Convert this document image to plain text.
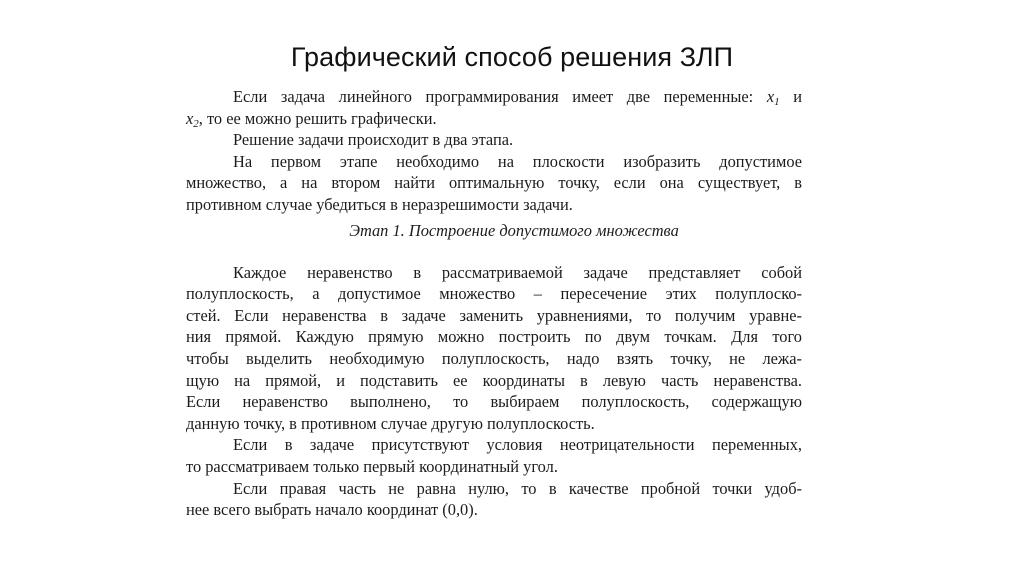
Графический способ решения ЗЛП
Если задача линейного программирования имеет две переменные: x1 и
x2, то ее можно решить графически.
Решение задачи происходит в два этапа.
На первом этапе необходимо на плоскости изобразить допустимое
множество, а на втором найти оптимальную точку, если она существует, в
противном случае убедиться в неразрешимости задачи.
Этап 1. Построение допустимого множества
Каждое неравенство в рассматриваемой задаче представляет собой
полуплоскость, а допустимое множество – пересечение этих полуплоско-
стей. Если неравенства в задаче заменить уравнениями, то получим уравне-
ния прямой. Каждую прямую можно построить по двум точкам. Для того
чтобы выделить необходимую полуплоскость, надо взять точку, не лежа-
щую на прямой, и подставить ее координаты в левую часть неравенства.
Если неравенство выполнено, то выбираем полуплоскость, содержащую
данную точку, в противном случае другую полуплоскость.
Если в задаче присутствуют условия неотрицательности переменных,
то рассматриваем только первый координатный угол.
Если правая часть не равна нулю, то в качестве пробной точки удоб-
нее всего выбрать начало координат (0,0).
